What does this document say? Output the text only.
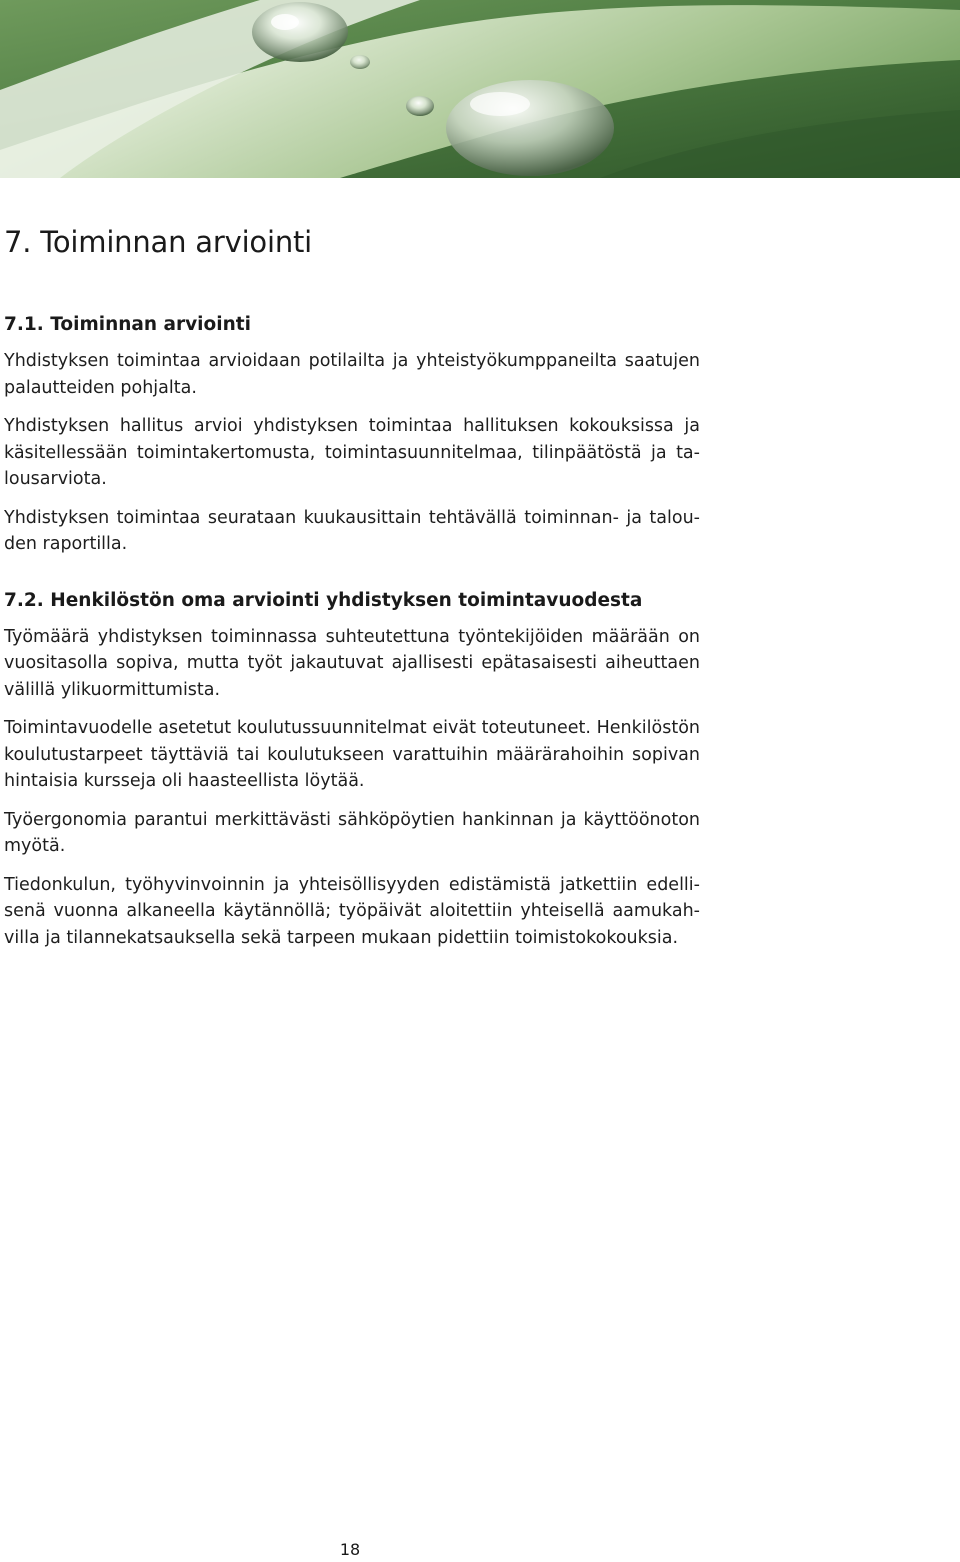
7. Toiminnan arviointi
7.1. Toiminnan arviointi

Yhdistyksen toimintaa arvioidaan potilailta ja yhteistyökumppaneilta saatujen palautteiden pohjalta.

Yhdistyksen hallitus arvioi yhdistyksen toimintaa hallituksen kokouksissa ja käsitellessään toimintakertomusta, toimintasuunnitelmaa, tilinpäätöstä ja talousarviota.

Yhdistyksen toimintaa seurataan kuukausittain tehtävällä toiminnan- ja talouden raportilla.

7.2. Henkilöstön oma arviointi yhdistyksen toimintavuodesta

Työmäärä yhdistyksen toiminnassa suhteutettuna työntekijöiden määrään on vuositasolla sopiva, mutta työt jakautuvat ajallisesti epätasaisesti aiheuttaen välillä ylikuormittumista.

Toimintavuodelle asetetut koulutussuunnitelmat eivät toteutuneet. Henkilöstön koulutustarpeet täyttäviä tai koulutukseen varattuihin määrärahoihin sopivan hintaisia kursseja oli haasteellista löytää.

Työergonomia parantui merkittävästi sähköpöytien hankinnan ja käyttöönoton myötä.

Tiedonkulun, työhyvinvoinnin ja yhteisöllisyyden edistämistä jatkettiin edellisenä vuonna alkaneella käytännöllä; työpäivät aloitettiin yhteisellä aamukahvilla ja tilannekatsauksella sekä tarpeen mukaan pidettiin toimistokokouksia.

18
